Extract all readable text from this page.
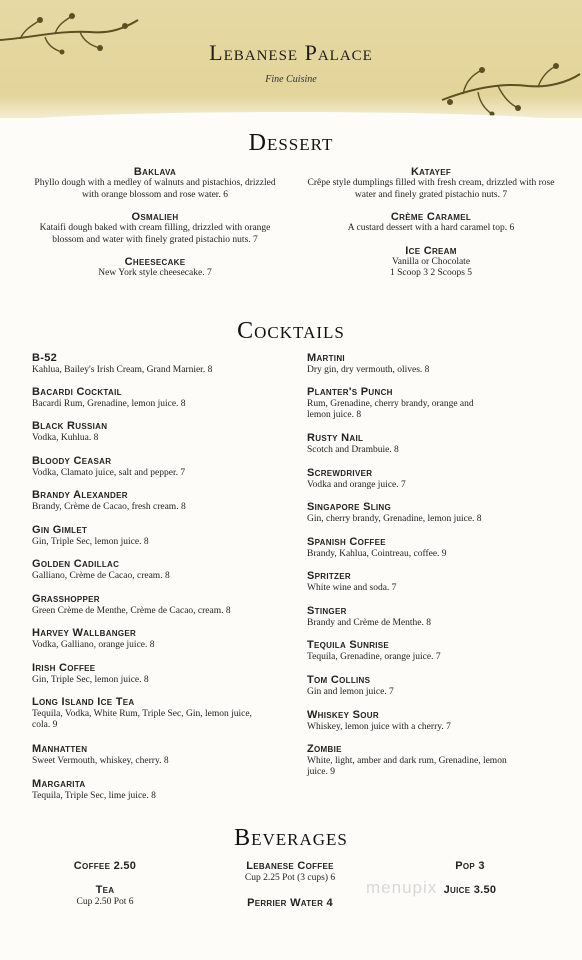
Lebanese Palace
Fine Cuisine
Dessert
Baklava
Phyllo dough with a medley of walnuts and pistachios, drizzled with orange blossom and rose water. 6
Osmalieh
Kataifi dough baked with cream filling, drizzled with orange blossom and water with finely grated pistachio nuts. 7
Cheesecake
New York style cheesecake. 7
Katayef
Crêpe style dumplings filled with fresh cream, drizzled with rose water and finely grated pistachio nuts. 7
Crème Caramel
A custard dessert with a hard caramel top. 6
Ice Cream
Vanilla or Chocolate
1 Scoop 3 2 Scoops 5
Cocktails
B-52
Kahlua, Bailey's Irish Cream, Grand Marnier. 8
Bacardi Cocktail
Bacardi Rum, Grenadine, lemon juice. 8
Black Russian
Vodka, Kuhlua. 8
Bloody Ceasar
Vodka, Clamato juice, salt and pepper. 7
Brandy Alexander
Brandy, Crème de Cacao, fresh cream. 8
Gin Gimlet
Gin, Triple Sec, lemon juice. 8
Golden Cadillac
Galliano, Crème de Cacao, cream. 8
Grasshopper
Green Crème de Menthe, Crème de Cacao, cream. 8
Harvey Wallbanger
Vodka, Galliano, orange juice. 8
Irish Coffee
Gin, Triple Sec, lemon juice. 8
Long Island Ice Tea
Tequila, Vodka, White Rum, Triple Sec, Gin, lemon juice, cola. 9
Manhatten
Sweet Vermouth, whiskey, cherry. 8
Margarita
Tequila, Triple Sec, lime juice. 8
Martini
Dry gin, dry vermouth, olives. 8
Planter's Punch
Rum, Grenadine, cherry brandy, orange and lemon juice. 8
Rusty Nail
Scotch and Drambuie. 8
Screwdriver
Vodka and orange juice. 7
Singapore Sling
Gin, cherry brandy, Grenadine, lemon juice. 8
Spanish Coffee
Brandy, Kahlua, Cointreau, coffee. 9
Spritzer
White wine and soda. 7
Stinger
Brandy and Crème de Menthe. 8
Tequila Sunrise
Tequila, Grenadine, orange juice. 7
Tom Collins
Gin and lemon juice. 7
Whiskey Sour
Whiskey, lemon juice with a cherry. 7
Zombie
White, light, amber and dark rum, Grenadine, lemon juice. 9
Beverages
Coffee 2.50
Tea
Cup 2.50 Pot 6
Lebanese Coffee
Cup 2.25 Pot (3 cups) 6
Perrier Water 4
Pop 3
Juice 3.50
menupix
